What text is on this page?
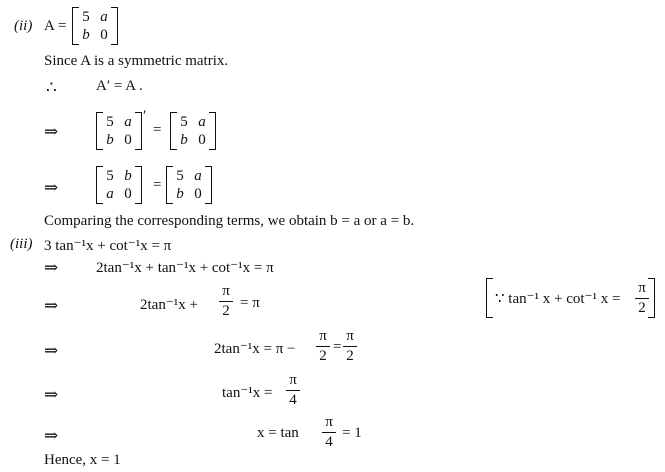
(ii) A =
5 a
b 0
Since A is a symmetric matrix.
∴	A′ = A .
⇒	5 a
b 0
′
= 5 a
b 0
⇒
5 b
a 0
=
5 a
b 0
Comparing the corresponding terms, we obtain b = a or a = b.
(iii) 3 tan⁻¹x + cot⁻¹x = π
⇒	2tan⁻¹x + tan⁻¹x + cot⁻¹x = π
⇒	2tan⁻¹x +
π
2 = π	∵ tan⁻¹ x + cot⁻¹ x =
π
2
⇒	2tan⁻¹x = π −
π
2
=
π
2
⇒	tan⁻¹x =
π
4
⇒	x = tan
π
4
= 1
Hence, x = 1
